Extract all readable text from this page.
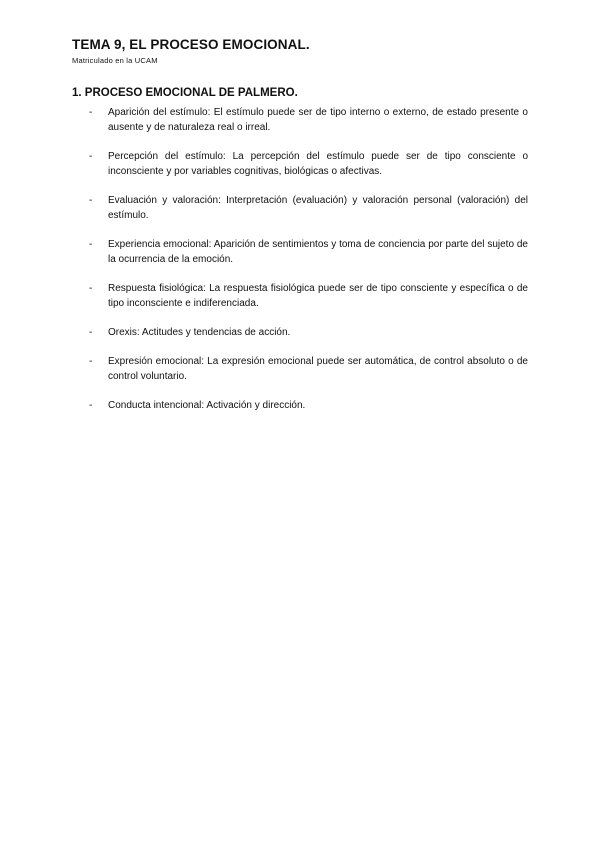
TEMA 9, EL PROCESO EMOCIONAL.

Matriculado en la UCAM

1. PROCESO EMOCIONAL DE PALMERO.
- Aparición del estímulo: El estímulo puede ser de tipo interno o externo, de estado presente o ausente y de naturaleza real o irreal.
- Percepción del estímulo: La percepción del estímulo puede ser de tipo consciente o inconsciente y por variables cognitivas, biológicas o afectivas.
- Evaluación y valoración: Interpretación (evaluación) y valoración personal (valoración) del estímulo.
- Experiencia emocional: Aparición de sentimientos y toma de conciencia por parte del sujeto de la ocurrencia de la emoción.
- Respuesta fisiológica: La respuesta fisiológica puede ser de tipo consciente y específica o de tipo inconsciente e indiferenciada.
- Orexis: Actitudes y tendencias de acción.
- Expresión emocional: La expresión emocional puede ser automática, de control absoluto o de control voluntario.
- Conducta intencional: Activación y dirección.
